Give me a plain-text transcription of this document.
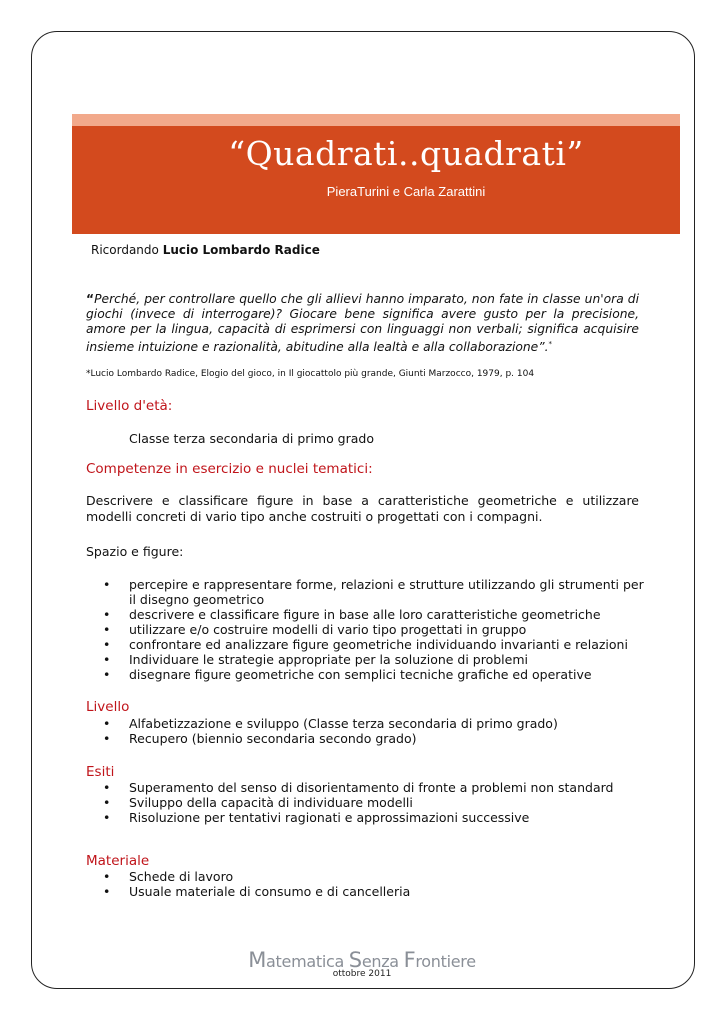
“Quadrati..quadrati”
PieraTurini e Carla Zarattini
Ricordando Lucio Lombardo Radice
“Perché, per controllare quello che gli allievi hanno imparato, non fate in classe un'ora di giochi (invece di interrogare)? Giocare bene significa avere gusto per la precisione, amore per la lingua, capacità di esprimersi con linguaggi non verbali; significa acquisire insieme intuizione e razionalità, abitudine alla lealtà e alla collaborazione”.*
*Lucio Lombardo Radice, Elogio del gioco, in Il giocattolo più grande, Giunti Marzocco, 1979, p. 104
Livello d'età:
Classe terza secondaria di primo grado
Competenze in esercizio e nuclei tematici:
Descrivere e classificare figure in base a caratteristiche geometriche e utilizzare modelli concreti di vario tipo anche costruiti o progettati con i compagni.
Spazio e figure:
• percepire e rappresentare forme, relazioni e strutture utilizzando gli strumenti per il disegno geometrico
• descrivere e classificare figure in base alle loro caratteristiche geometriche
• utilizzare e/o costruire modelli di vario tipo progettati in gruppo
• confrontare ed analizzare figure geometriche individuando invarianti e relazioni
• Individuare le strategie appropriate per la soluzione di problemi
• disegnare figure geometriche con semplici tecniche grafiche ed operative
Livello
• Alfabetizzazione e sviluppo (Classe terza secondaria di primo grado)
• Recupero (biennio secondaria secondo grado)
Esiti
• Superamento del senso di disorientamento di fronte a problemi non standard
• Sviluppo della capacità di individuare modelli
• Risoluzione per tentativi ragionati e approssimazioni successive
Materiale
• Schede di lavoro
• Usuale materiale di consumo e di cancelleria
Matematica Senza Frontiere
ottobre 2011
